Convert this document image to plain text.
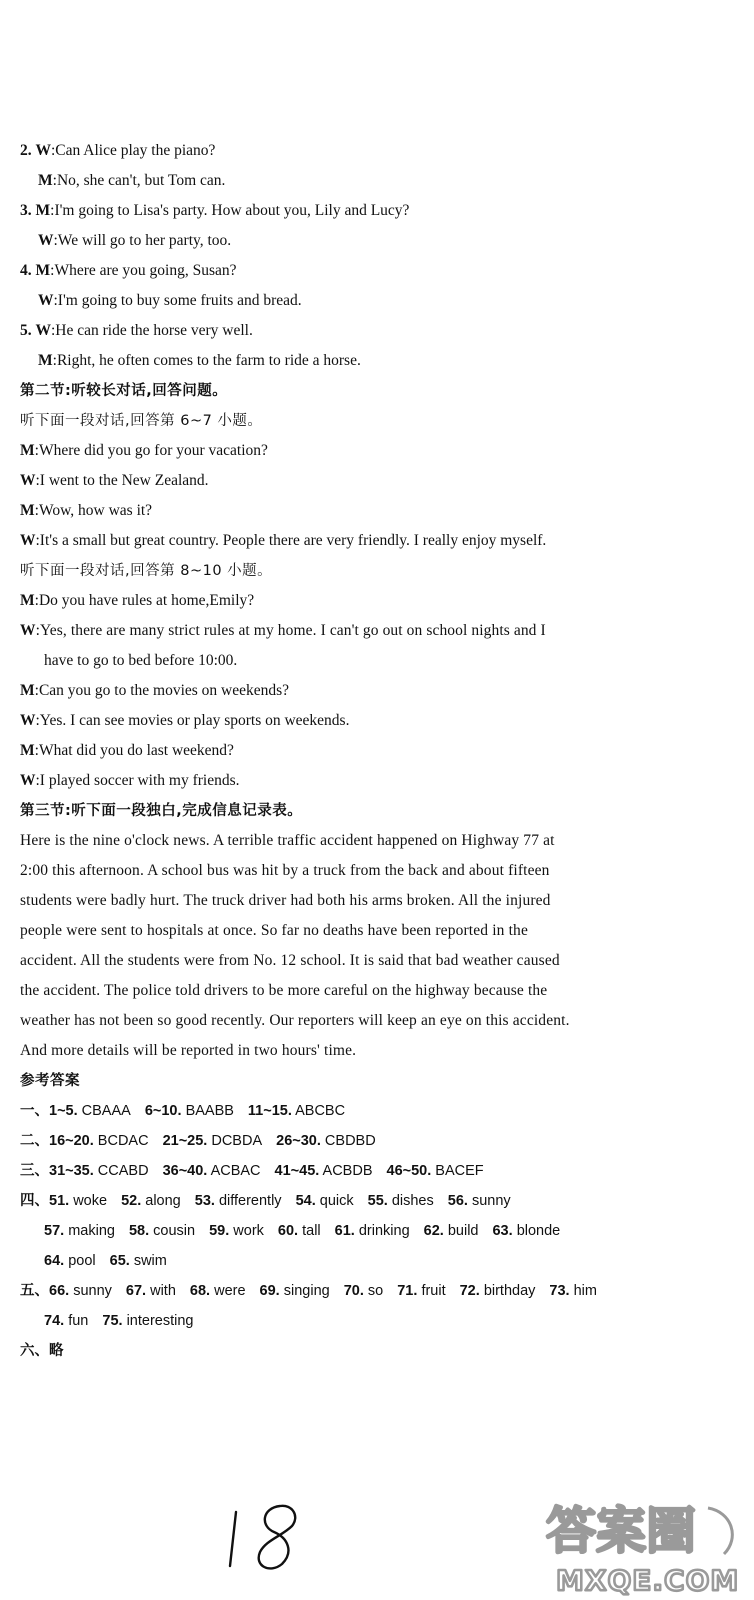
2. W:Can Alice play the piano?
M:No, she can't, but Tom can.
3. M:I'm going to Lisa's party. How about you, Lily and Lucy?
W:We will go to her party, too.
4. M:Where are you going, Susan?
W:I'm going to buy some fruits and bread.
5. W:He can ride the horse very well.
M:Right, he often comes to the farm to ride a horse.
第二节:听较长对话,回答问题。
听下面一段对话,回答第 6~7 小题。
M:Where did you go for your vacation?
W:I went to the New Zealand.
M:Wow, how was it?
W:It's a small but great country. People there are very friendly. I really enjoy myself.
听下面一段对话,回答第 8~10 小题。
M:Do you have rules at home,Emily?
W:Yes, there are many strict rules at my home. I can't go out on school nights and I
have to go to bed before 10:00.
M:Can you go to the movies on weekends?
W:Yes. I can see movies or play sports on weekends.
M:What did you do last weekend?
W:I played soccer with my friends.
第三节:听下面一段独白,完成信息记录表。
Here is the nine o'clock news. A terrible traffic accident happened on Highway 77 at
2:00 this afternoon. A school bus was hit by a truck from the back and about fifteen
students were badly hurt. The truck driver had both his arms broken. All the injured
people were sent to hospitals at once. So far no deaths have been reported in the
accident. All the students were from No. 12 school. It is said that bad weather caused
the accident. The police told drivers to be more careful on the highway because the
weather has not been so good recently. Our reporters will keep an eye on this accident.
And more details will be reported in two hours' time.
参考答案
一、1~5. CBAAA 6~10. BAABB 11~15. ABCBC
二、16~20. BCDAC 21~25. DCBDA 26~30. CBDBD
三、31~35. CCABD 36~40. ACBAC 41~45. ACBDB 46~50. BACEF
四、51. woke 52. along 53. differently 54. quick 55. dishes 56. sunny
57. making 58. cousin 59. work 60. tall 61. drinking 62. build 63. blonde
64. pool 65. swim
五、66. sunny 67. with 68. were 69. singing 70. so 71. fruit 72. birthday 73. him
74. fun 75. interesting
六、略
18
答案圈
MXQE.COM
